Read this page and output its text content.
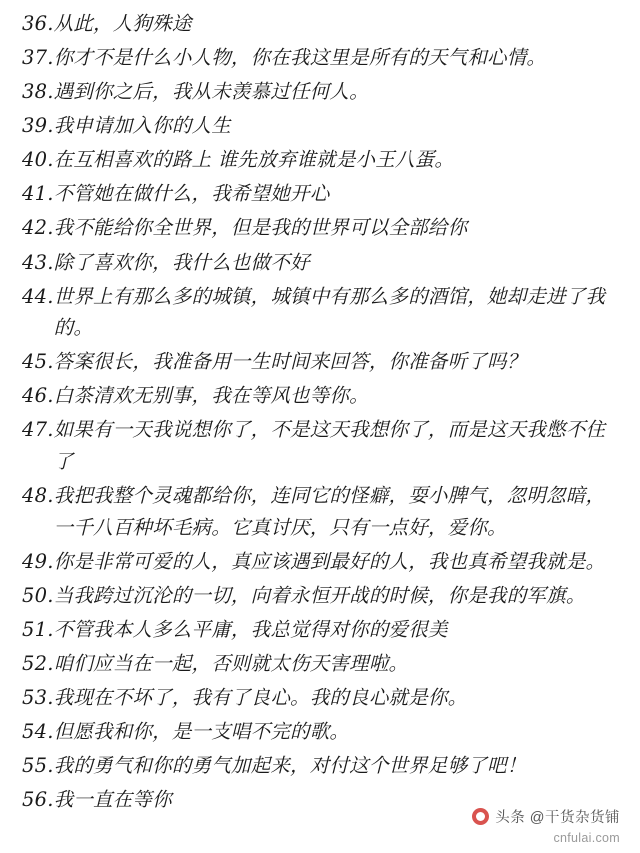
36. 从此，人狗殊途
37. 你才不是什么小人物，你在我这里是所有的天气和心情。
38. 遇到你之后，我从未羡慕过任何人。
39. 我申请加入你的人生
40. 在互相喜欢的路上 谁先放弃谁就是小王八蛋。
41. 不管她在做什么，我希望她开心
42. 我不能给你全世界，但是我的世界可以全部给你
43. 除了喜欢你，我什么也做不好
44. 世界上有那么多的城镇，城镇中有那么多的酒馆，她却走进了我的。
45. 答案很长，我准备用一生时间来回答，你准备听了吗？
46. 白茶清欢无别事，我在等风也等你。
47. 如果有一天我说想你了，不是这天我想你了，而是这天我憋不住了
48. 我把我整个灵魂都给你，连同它的怪癖，耍小脾气，忽明忽暗，一千八百种坏毛病。它真讨厌，只有一点好，爱你。
49. 你是非常可爱的人，真应该遇到最好的人，我也真希望我就是。
50. 当我跨过沉沦的一切，向着永恒开战的时候，你是我的军旗。
51. 不管我本人多么平庸，我总觉得对你的爱很美
52. 咱们应当在一起，否则就太伤天害理啦。
53. 我现在不坏了，我有了良心。我的良心就是你。
54. 但愿我和你，是一支唱不完的歌。
55. 我的勇气和你的勇气加起来，对付这个世界足够了吧！
56. 我一直在等你
头条 @干货杂货铺
cnfulai.com
